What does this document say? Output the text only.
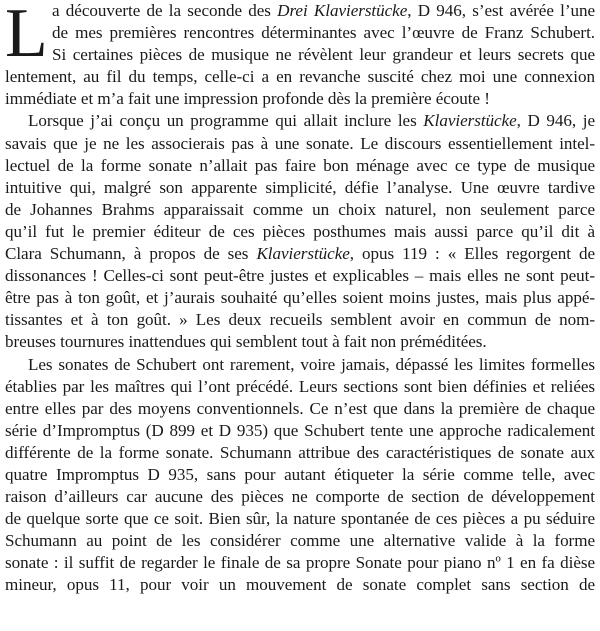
L a découverte de la seconde des Drei Klavierstücke, D 946, s’est avérée l’une
de mes premières rencontres déterminantes avec l’œuvre de Franz Schubert.
Si certaines pièces de musique ne révèlent leur grandeur et leurs secrets que
lentement, au fil du temps, celle-ci a en revanche suscité chez moi une connexion
immédiate et m’a fait une impression profonde dès la première écoute !
Lorsque j’ai conçu un programme qui allait inclure les Klavierstücke, D 946, je
savais que je ne les associerais pas à une sonate. Le discours essentiellement intel-
lectuel de la forme sonate n’allait pas faire bon ménage avec ce type de musique
intuitive qui, malgré son apparente simplicité, défie l’analyse. Une œuvre tardive
de Johannes Brahms apparaissait comme un choix naturel, non seulement parce
qu’il fut le premier éditeur de ces pièces posthumes mais aussi parce qu’il dit à
Clara Schumann, à propos de ses Klavierstücke, opus 119 : « Elles regorgent de
dissonances ! Celles-ci sont peut-être justes et explicables – mais elles ne sont peut-
être pas à ton goût, et j’aurais souhaité qu’elles soient moins justes, mais plus appé-
tissantes et à ton goût. » Les deux recueils semblent avoir en commun de nom-
breuses tournures inattendues qui semblent tout à fait non préméditées.
Les sonates de Schubert ont rarement, voire jamais, dépassé les limites formelles
établies par les maîtres qui l’ont précédé. Leurs sections sont bien définies et reliées
entre elles par des moyens conventionnels. Ce n’est que dans la première de chaque
série d’Impromptus (D 899 et D 935) que Schubert tente une approche radicalement
différente de la forme sonate. Schumann attribue des caractéristiques de sonate aux
quatre Impromptus D 935, sans pour autant étiqueter la série comme telle, avec
raison d’ailleurs car aucune des pièces ne comporte de section de développement
de quelque sorte que ce soit. Bien sûr, la nature spontanée de ces pièces a pu séduire
Schumann au point de les considérer comme une alternative valide à la forme
sonate : il suffit de regarder le finale de sa propre Sonate pour piano nº 1 en fa dièse
mineur, opus 11, pour voir un mouvement de sonate complet sans section de
